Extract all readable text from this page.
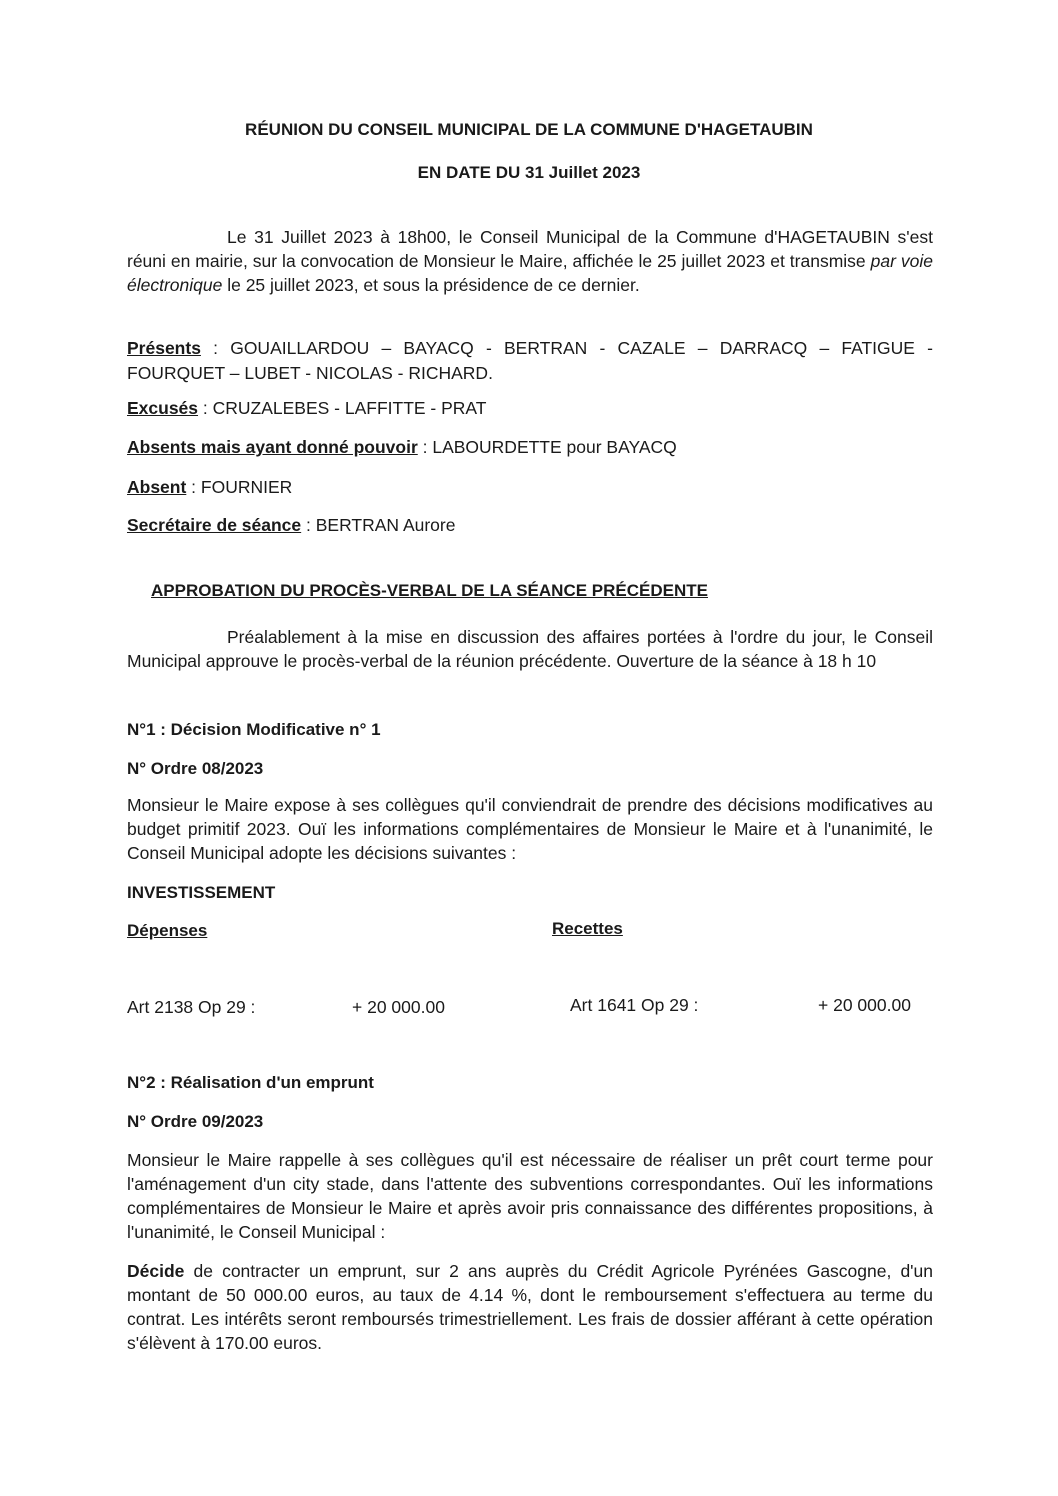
RÉUNION DU CONSEIL MUNICIPAL DE LA COMMUNE D'HAGETAUBIN
EN DATE DU 31 Juillet 2023
Le 31 Juillet 2023 à 18h00, le Conseil Municipal de la Commune d'HAGETAUBIN s'est réuni en mairie, sur la convocation de Monsieur le Maire, affichée le 25 juillet 2023 et transmise par voie électronique le 25 juillet 2023, et sous la présidence de ce dernier.
Présents : GOUAILLARDOU – BAYACQ - BERTRAN - CAZALE – DARRACQ – FATIGUE - FOURQUET – LUBET - NICOLAS - RICHARD.
Excusés : CRUZALEBES - LAFFITTE - PRAT
Absents mais ayant donné pouvoir : LABOURDETTE pour BAYACQ
Absent : FOURNIER
Secrétaire de séance : BERTRAN Aurore
APPROBATION DU PROCÈS-VERBAL DE LA SÉANCE PRÉCÉDENTE
Préalablement à la mise en discussion des affaires portées à l'ordre du jour, le Conseil Municipal approuve le procès-verbal de la réunion précédente. Ouverture de la séance à 18 h 10
N°1 : Décision Modificative n° 1
N° Ordre 08/2023
Monsieur le Maire expose à ses collègues qu'il conviendrait de prendre des décisions modificatives au budget primitif 2023. Ouï les informations complémentaires de Monsieur le Maire et à l'unanimité, le Conseil Municipal adopte les décisions suivantes :
INVESTISSEMENT
Dépenses	Recettes
Art 2138 Op 29 :	+ 20 000.00	Art 1641 Op 29 :	+ 20 000.00
N°2 : Réalisation d'un emprunt
N° Ordre 09/2023
Monsieur le Maire rappelle à ses collègues qu'il est nécessaire de réaliser un prêt court terme pour l'aménagement d'un city stade, dans l'attente des subventions correspondantes. Ouï les informations complémentaires de Monsieur le Maire et après avoir pris connaissance des différentes propositions, à l'unanimité, le Conseil Municipal :
Décide de contracter un emprunt, sur 2 ans auprès du Crédit Agricole Pyrénées Gascogne, d'un montant de 50 000.00 euros, au taux de 4.14 %, dont le remboursement s'effectuera au terme du contrat. Les intérêts seront remboursés trimestriellement. Les frais de dossier afférant à cette opération s'élèvent à 170.00 euros.
